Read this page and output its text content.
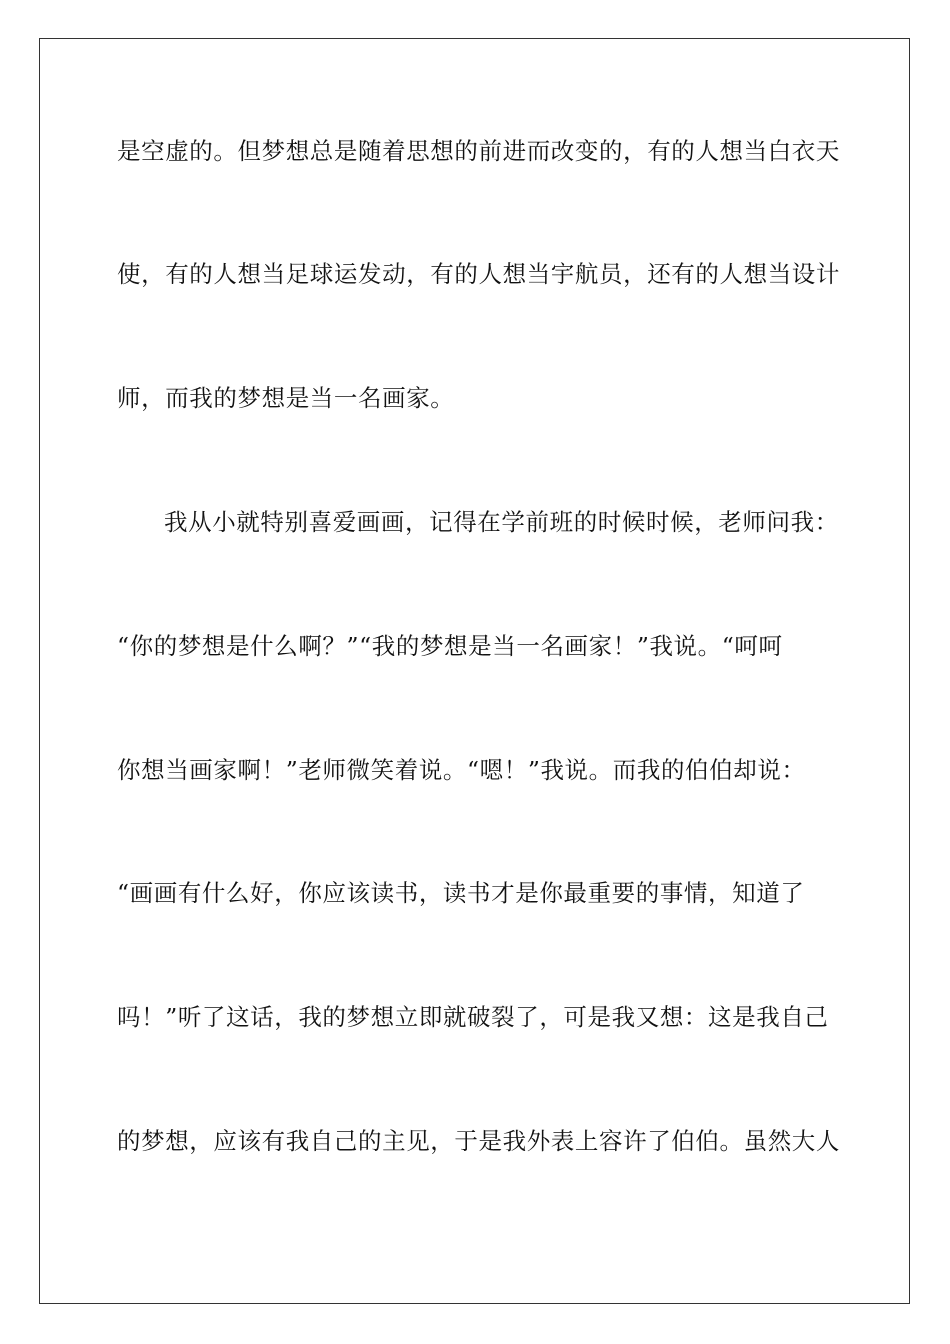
是空虚的。但梦想总是随着思想的前进而改变的，有的人想当白衣天
使，有的人想当足球运发动，有的人想当宇航员，还有的人想当设计
师，而我的梦想是当一名画家。
我从小就特别喜爱画画，记得在学前班的时候时候，老师问我：
“你的梦想是什么啊？”“我的梦想是当一名画家！”我说。“呵呵
你想当画家啊！”老师微笑着说。“嗯！”我说。而我的伯伯却说：
“画画有什么好，你应该读书，读书才是你最重要的事情，知道了
吗！”听了这话，我的梦想立即就破裂了，可是我又想：这是我自己
的梦想，应该有我自己的主见，于是我外表上容许了伯伯。虽然大人
